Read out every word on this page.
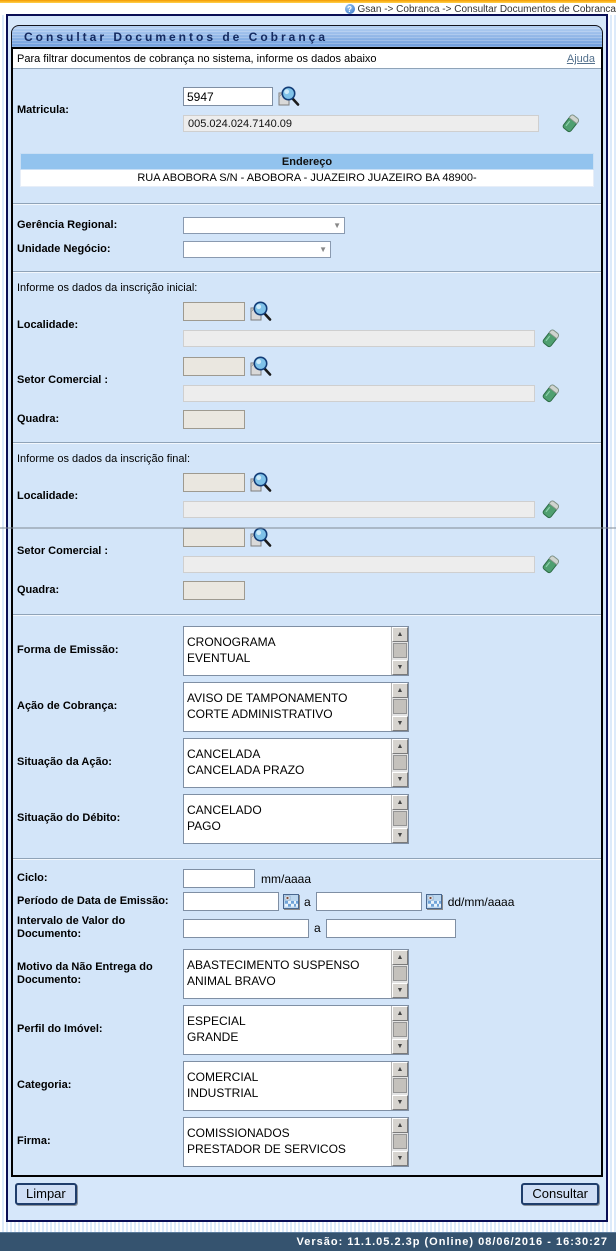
? Gsan -> Cobranca -> Consultar Documentos de Cobranca
Consultar Documentos de Cobrança
Para filtrar documentos de cobrança no sistema, informe os dados abaixo	Ajuda
Matricula:
5947
005.024.024.7140.09
Endereço
RUA ABOBORA S/N - ABOBORA - JUAZEIRO JUAZEIRO BA 48900-
Gerência Regional:	▼
Unidade Negócio:	▼
Informe os dados da inscrição inicial:
Localidade:
Setor Comercial :
Quadra:
Informe os dados da inscrição final:
Localidade:
Setor Comercial :
Quadra:
Forma de Emissão:
CRONOGRAMA
EVENTUAL
▲
▼
Ação de Cobrança:
AVISO DE TAMPONAMENTO
CORTE ADMINISTRATIVO
▲
▼
Situação da Ação:
CANCELADA
CANCELADA PRAZO
▲
▼
Situação do Débito:
CANCELADO
PAGO
▲
▼
Ciclo:	mm/aaaa
Período de Data de Emissão:	a	dd/mm/aaaa
Intervalo de Valor do Documento:	a
Motivo da Não Entrega do Documento:
ABASTECIMENTO SUSPENSO
ANIMAL BRAVO
▲
▼
Perfil do Imóvel:
ESPECIAL
GRANDE
▲
▼
Categoria:
COMERCIAL
INDUSTRIAL
▲
▼
Firma:
COMISSIONADOS
PRESTADOR DE SERVICOS
▲
▼
Limpar	Consultar
Versão: 11.1.05.2.3p (Online) 08/06/2016 - 16:30:27
